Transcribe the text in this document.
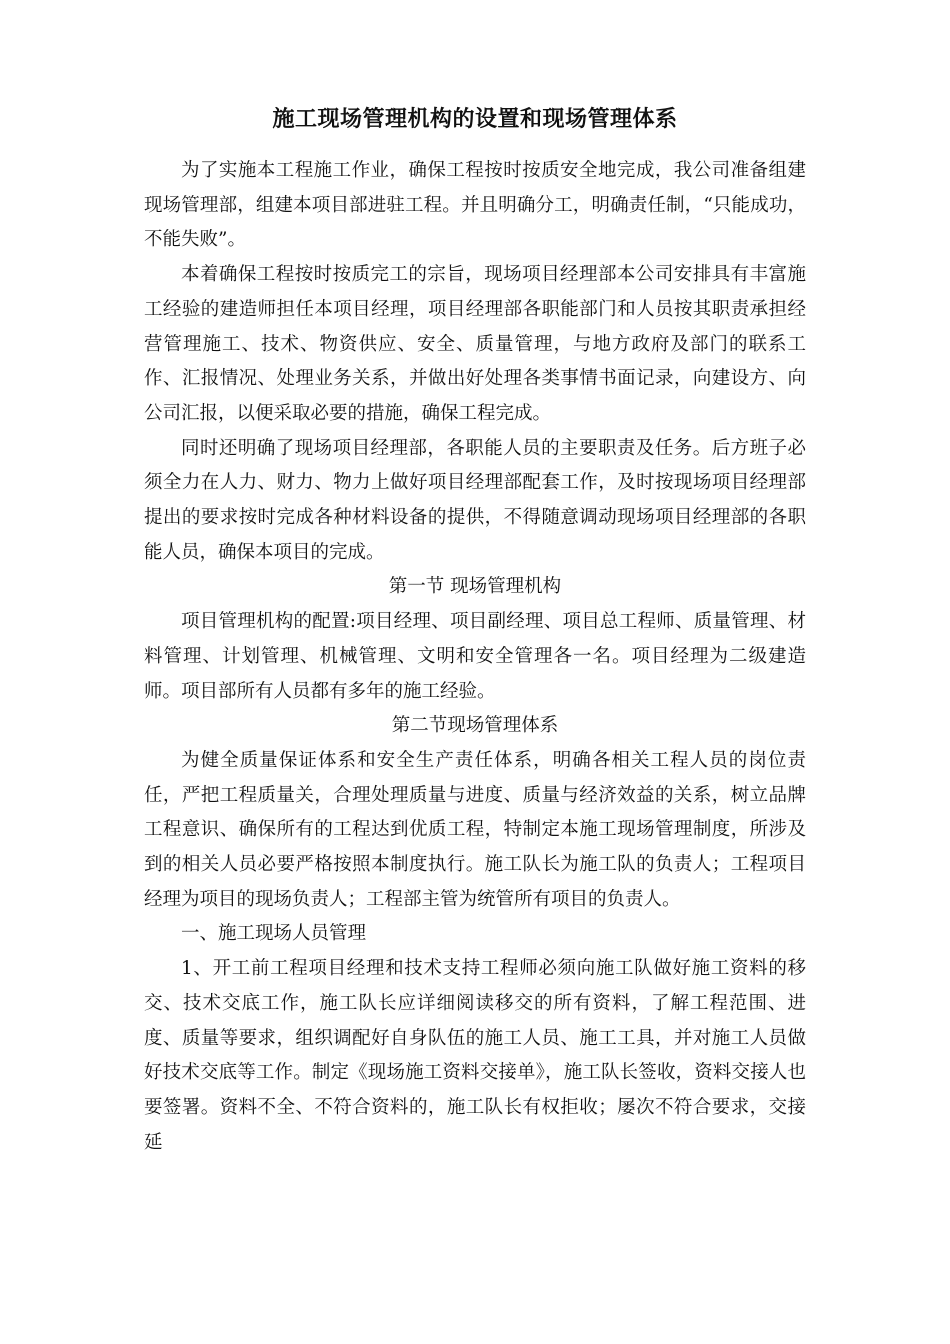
施工现场管理机构的设置和现场管理体系

为了实施本工程施工作业，确保工程按时按质安全地完成，我公司准备组建现场管理部，组建本项目部进驻工程。并且明确分工，明确责任制，“只能成功，不能失败”。

本着确保工程按时按质完工的宗旨，现场项目经理部本公司安排具有丰富施工经验的建造师担任本项目经理，项目经理部各职能部门和人员按其职责承担经营管理施工、技术、物资供应、安全、质量管理，与地方政府及部门的联系工作、汇报情况、处理业务关系，并做出好处理各类事情书面记录，向建设方、向公司汇报，以便采取必要的措施，确保工程完成。

同时还明确了现场项目经理部，各职能人员的主要职责及任务。后方班子必须全力在人力、财力、物力上做好项目经理部配套工作，及时按现场项目经理部提出的要求按时完成各种材料设备的提供，不得随意调动现场项目经理部的各职能人员，确保本项目的完成。

第一节 现场管理机构

项目管理机构的配置:项目经理、项目副经理、项目总工程师、质量管理、材料管理、计划管理、机械管理、文明和安全管理各一名。项目经理为二级建造师。项目部所有人员都有多年的施工经验。

第二节现场管理体系

为健全质量保证体系和安全生产责任体系，明确各相关工程人员的岗位责任，严把工程质量关，合理处理质量与进度、质量与经济效益的关系，树立品牌工程意识、确保所有的工程达到优质工程，特制定本施工现场管理制度，所涉及到的相关人员必要严格按照本制度执行。施工队长为施工队的负责人；工程项目经理为项目的现场负责人；工程部主管为统管所有项目的负责人。

一、施工现场人员管理

1、开工前工程项目经理和技术支持工程师必须向施工队做好施工资料的移交、技术交底工作，施工队长应详细阅读移交的所有资料，了解工程范围、进度、质量等要求，组织调配好自身队伍的施工人员、施工工具，并对施工人员做好技术交底等工作。制定《现场施工资料交接单》，施工队长签收，资料交接人也要签署。资料不全、不符合资料的，施工队长有权拒收；屡次不符合要求，交接延
